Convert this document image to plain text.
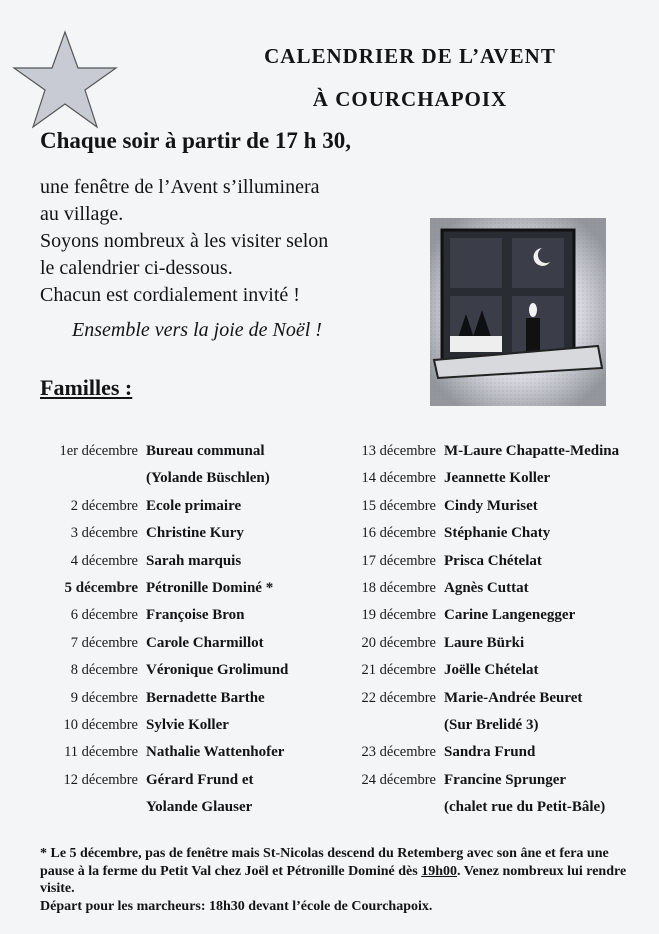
CALENDRIER DE L’AVENT
À COURCHAPOIX
Chaque soir à partir de 17 h 30,
une fenêtre de l’Avent s’illuminera
au village.
Soyons nombreux à les visiter selon
le calendrier ci-dessous.
Chacun est cordialement invité !
Ensemble vers la joie de Noël !
Familles :
1er décembre Bureau communal
(Yolande Büschlen)
2 décembre Ecole primaire
3 décembre Christine Kury
4 décembre Sarah marquis
5 décembre Pétronille Dominé *
6 décembre Françoise Bron
7 décembre Carole Charmillot
8 décembre Véronique Grolimund
9 décembre Bernadette Barthe
10 décembre Sylvie Koller
11 décembre Nathalie Wattenhofer
12 décembre Gérard Frund et
Yolande Glauser
13 décembre M-Laure Chapatte-Medina
14 décembre Jeannette Koller
15 décembre Cindy Muriset
16 décembre Stéphanie Chaty
17 décembre Prisca Chételat
18 décembre Agnès Cuttat
19 décembre Carine Langenegger
20 décembre Laure Bürki
21 décembre Joëlle Chételat
22 décembre Marie-Andrée Beuret
(Sur Brelidé 3)
23 décembre Sandra Frund
24 décembre Francine Sprunger
(chalet rue du Petit-Bâle)
* Le 5 décembre, pas de fenêtre mais St-Nicolas descend du Retemberg avec son âne et fera une pause à la ferme du Petit Val chez Joël et Pétronille Dominé dès 19h00. Venez nombreux lui rendre visite.
Départ pour les marcheurs: 18h30 devant l’école de Courchapoix.
